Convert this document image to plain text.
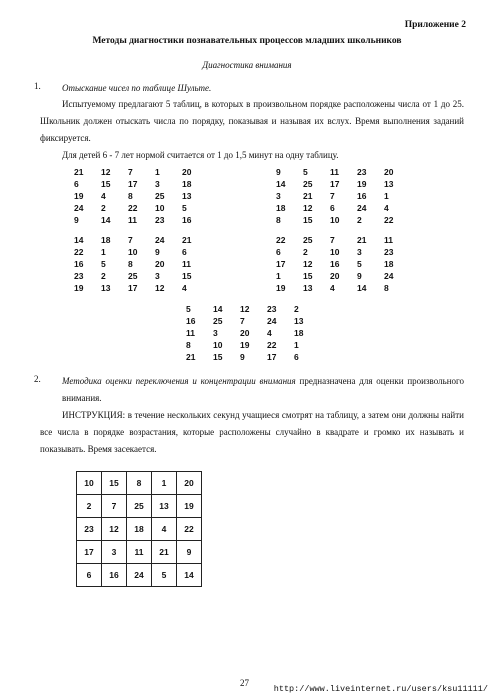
Приложение 2
Методы диагностики познавательных процессов младших школьников
Диагностика внимания
1. Отыскание чисел по таблице Шульте.
Испытуемому предлагают 5 таблиц, в которых в произвольном порядке расположены числа от 1 до 25. Школьник должен отыскать числа по порядку, показывая и называя их вслух. Время выполнения заданий фиксируется.
Для детей 6 - 7 лет нормой считается от 1 до 1,5 минут на одну таблицу.
21	12	7	1	20
6	15	17	3	18
19	4	8	25	13
24	2	22	10	5
9	14	11	23	16
9	5	11	23	20
14	25	17	19	13
3	21	7	16	1
18	12	6	24	4
8	15	10	2	22
14	18	7	24	21
22	1	10	9	6
16	5	8	20	11
23	2	25	3	15
19	13	17	12	4
22	25	7	21	11
6	2	10	3	23
17	12	16	5	18
1	15	20	9	24
19	13	4	14	8
5	14	12	23	2
16	25	7	24	13
11	3	20	4	18
8	10	19	22	1
21	15	9	17	6
2. Методика оценки переключения и концентрации внимания предназначена для оценки произвольного внимания.
ИНСТРУКЦИЯ: в течение нескольких секунд учащиеся смотрят на таблицу, а затем они должны найти все числа в порядке возрастания, которые расположены случайно в квадрате и громко их называть и показывать. Время засекается.
10	15	8	1	20
2	7	25	13	19
23	12	18	4	22
17	3	11	21	9
6	16	24	5	14
27
http://www.liveinternet.ru/users/ksu11111/
